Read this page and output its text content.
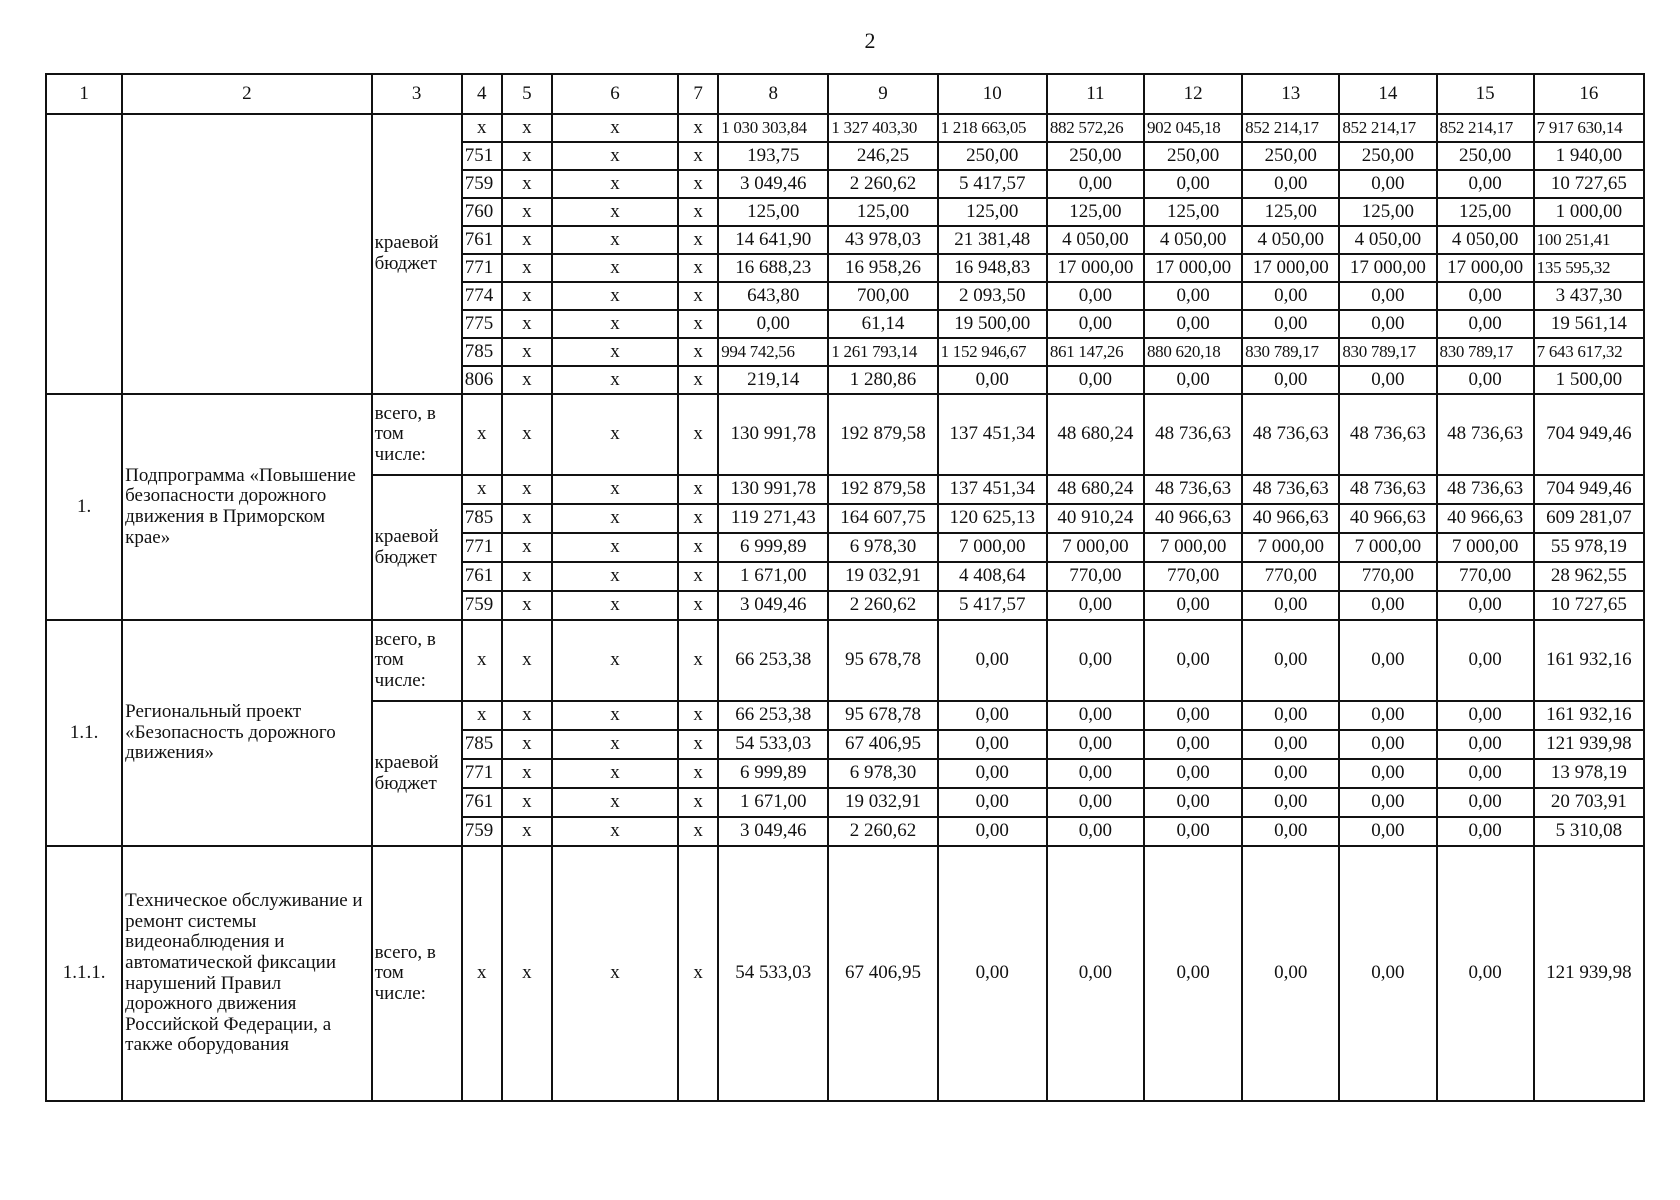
2
1	2	3	4	5	6	7	8	9	10	11	12	13	14	15	16
		краевой бюджет	x	x	x	x	1 030 303,84	1 327 403,30	1 218 663,05	882 572,26	902 045,18	852 214,17	852 214,17	852 214,17	7 917 630,14
			751	x	x	x	193,75	246,25	250,00	250,00	250,00	250,00	250,00	250,00	1 940,00
			759	x	x	x	3 049,46	2 260,62	5 417,57	0,00	0,00	0,00	0,00	0,00	10 727,65
			760	x	x	x	125,00	125,00	125,00	125,00	125,00	125,00	125,00	125,00	1 000,00
			761	x	x	x	14 641,90	43 978,03	21 381,48	4 050,00	4 050,00	4 050,00	4 050,00	4 050,00	100 251,41
			771	x	x	x	16 688,23	16 958,26	16 948,83	17 000,00	17 000,00	17 000,00	17 000,00	17 000,00	135 595,32
			774	x	x	x	643,80	700,00	2 093,50	0,00	0,00	0,00	0,00	0,00	3 437,30
			775	x	x	x	0,00	61,14	19 500,00	0,00	0,00	0,00	0,00	0,00	19 561,14
			785	x	x	x	994 742,56	1 261 793,14	1 152 946,67	861 147,26	880 620,18	830 789,17	830 789,17	830 789,17	7 643 617,32
			806	x	x	x	219,14	1 280,86	0,00	0,00	0,00	0,00	0,00	0,00	1 500,00
1.	Подпрограмма «Повышение безопасности дорожного движения в Приморском крае»	всего, в том числе:	x	x	x	x	130 991,78	192 879,58	137 451,34	48 680,24	48 736,63	48 736,63	48 736,63	48 736,63	704 949,46
		краевой бюджет	x	x	x	x	130 991,78	192 879,58	137 451,34	48 680,24	48 736,63	48 736,63	48 736,63	48 736,63	704 949,46
			785	x	x	x	119 271,43	164 607,75	120 625,13	40 910,24	40 966,63	40 966,63	40 966,63	40 966,63	609 281,07
			771	x	x	x	6 999,89	6 978,30	7 000,00	7 000,00	7 000,00	7 000,00	7 000,00	7 000,00	55 978,19
			761	x	x	x	1 671,00	19 032,91	4 408,64	770,00	770,00	770,00	770,00	770,00	28 962,55
			759	x	x	x	3 049,46	2 260,62	5 417,57	0,00	0,00	0,00	0,00	0,00	10 727,65
1.1.	Региональный проект «Безопасность дорожного движения»	всего, в том числе:	x	x	x	x	66 253,38	95 678,78	0,00	0,00	0,00	0,00	0,00	0,00	161 932,16
		краевой бюджет	x	x	x	x	66 253,38	95 678,78	0,00	0,00	0,00	0,00	0,00	0,00	161 932,16
			785	x	x	x	54 533,03	67 406,95	0,00	0,00	0,00	0,00	0,00	0,00	121 939,98
			771	x	x	x	6 999,89	6 978,30	0,00	0,00	0,00	0,00	0,00	0,00	13 978,19
			761	x	x	x	1 671,00	19 032,91	0,00	0,00	0,00	0,00	0,00	0,00	20 703,91
			759	x	x	x	3 049,46	2 260,62	0,00	0,00	0,00	0,00	0,00	0,00	5 310,08
1.1.1.	Техническое обслуживание и ремонт системы видеонаблюдения и автоматической фиксации нарушений Правил дорожного движения Российской Федерации, а также оборудования	всего, в том числе:	x	x	x	x	54 533,03	67 406,95	0,00	0,00	0,00	0,00	0,00	0,00	121 939,98
